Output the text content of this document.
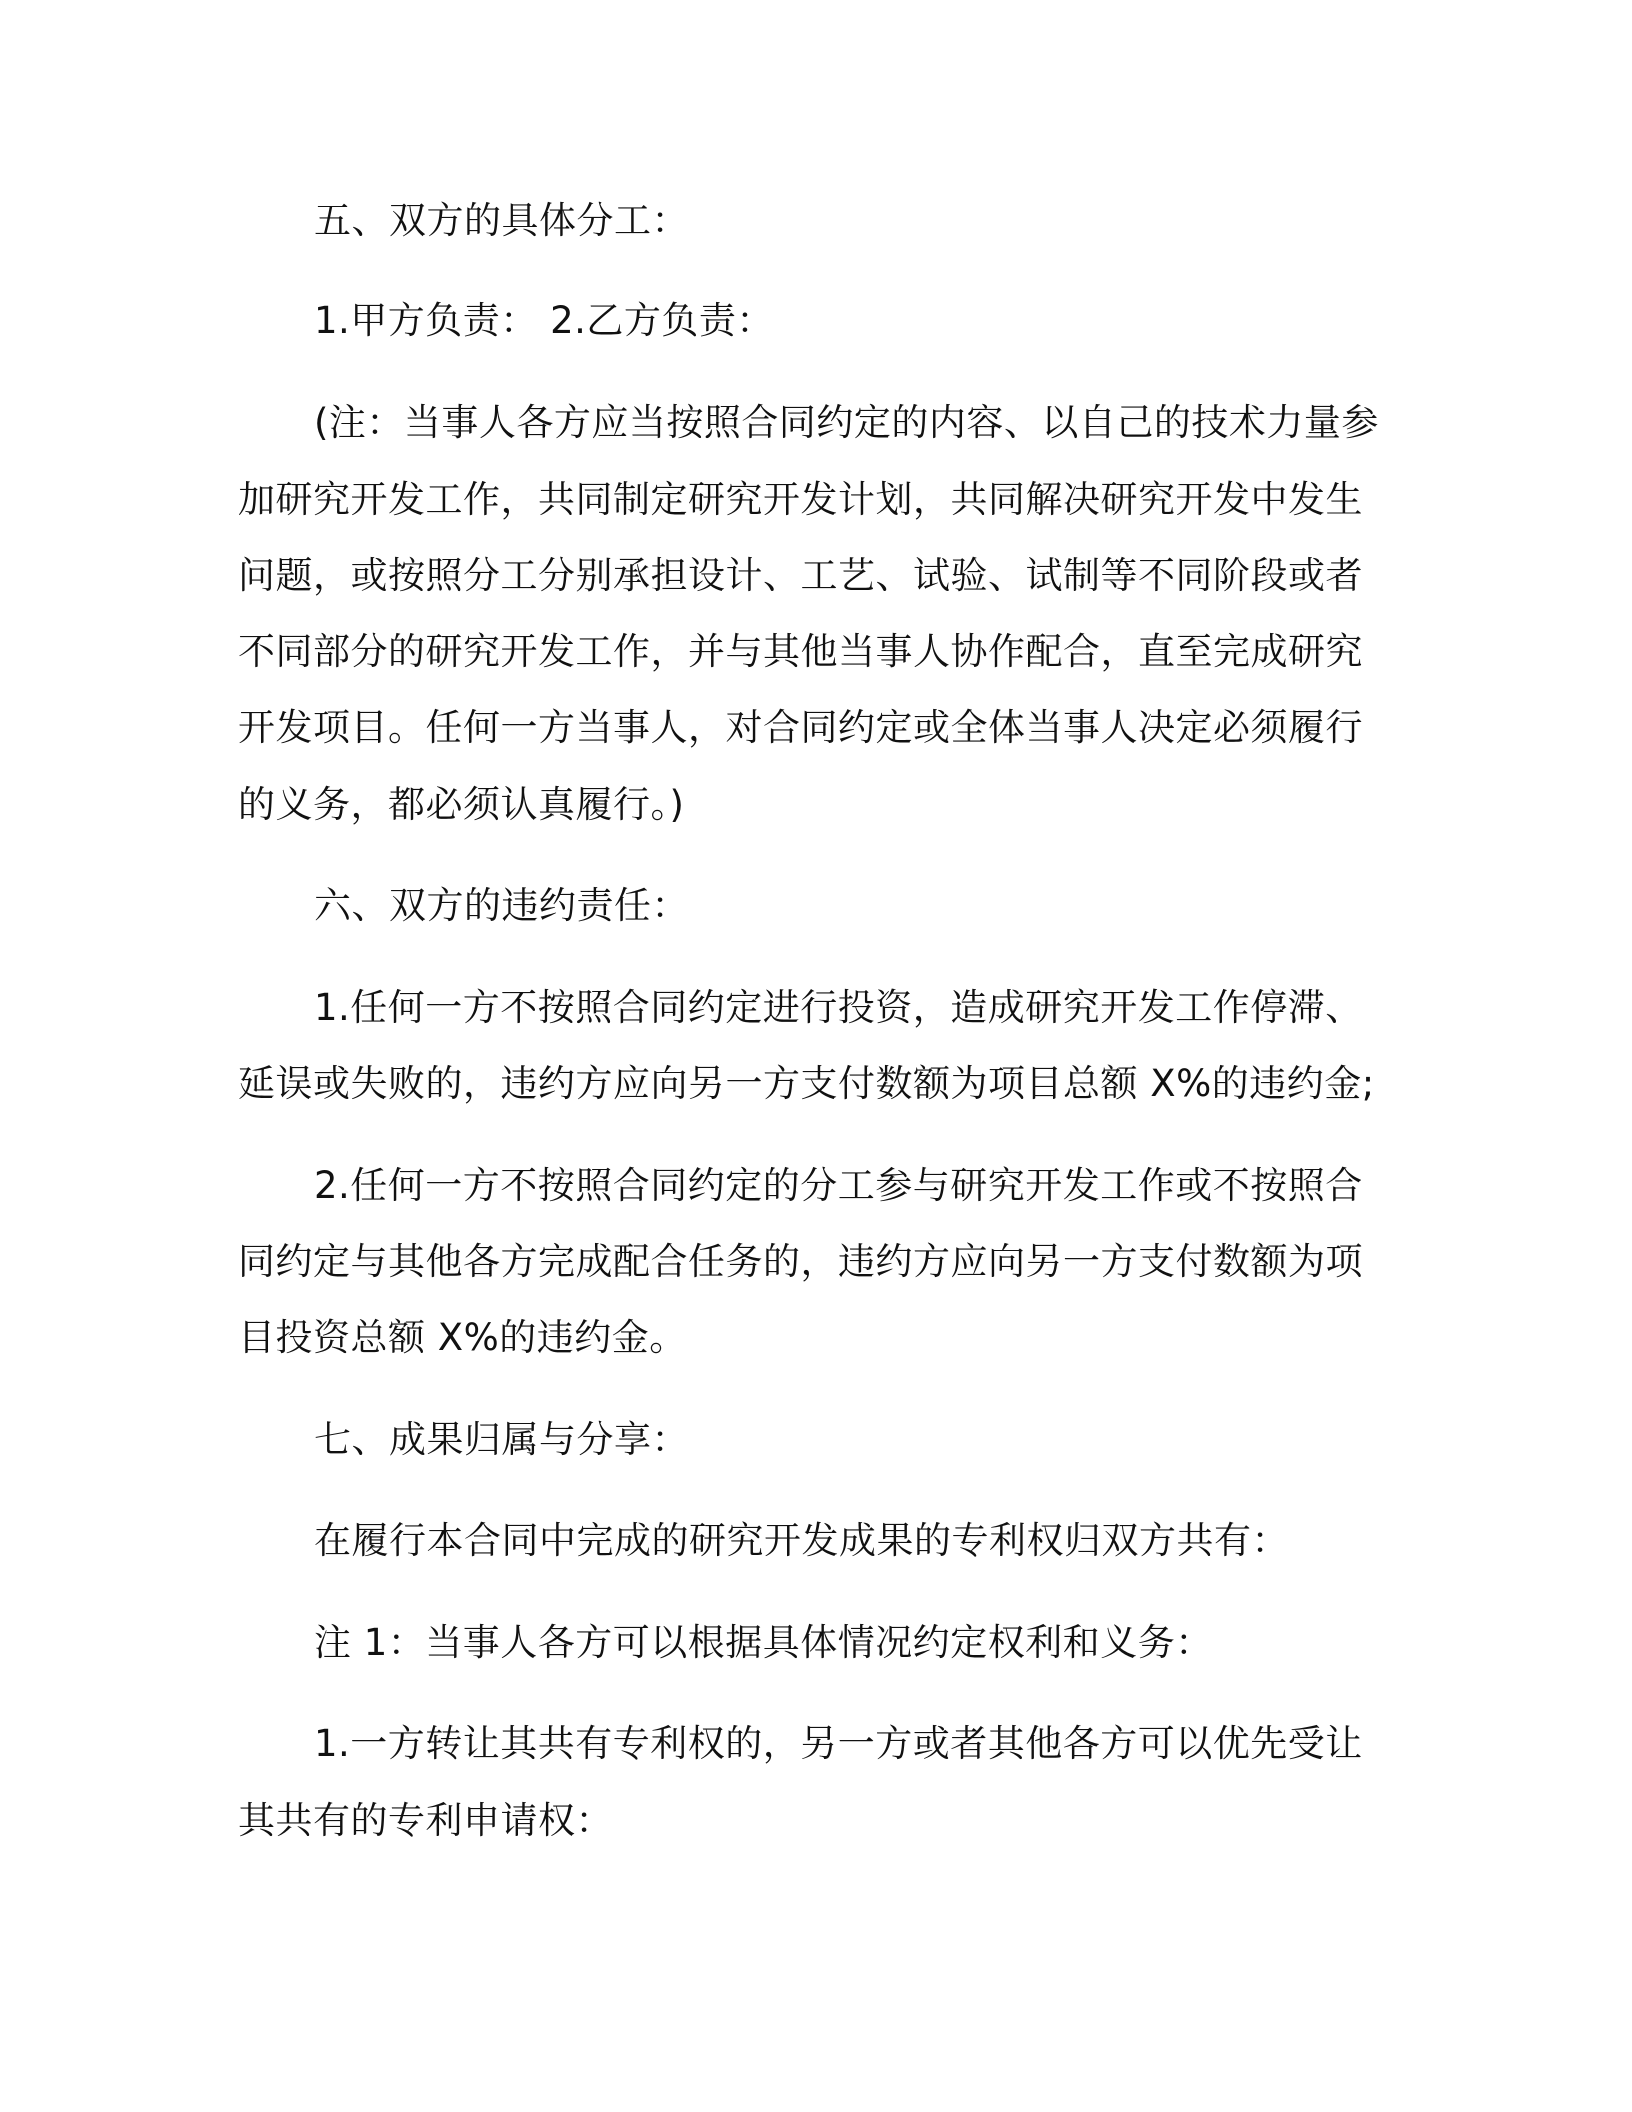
五、双方的具体分工：
1.甲方负责： 2.乙方负责：
(注：当事人各方应当按照合同约定的内容、以自己的技术力量参
加研究开发工作，共同制定研究开发计划，共同解决研究开发中发生
问题，或按照分工分别承担设计、工艺、试验、试制等不同阶段或者
不同部分的研究开发工作，并与其他当事人协作配合，直至完成研究
开发项目。任何一方当事人，对合同约定或全体当事人决定必须履行
的义务，都必须认真履行。)
六、双方的违约责任：
1.任何一方不按照合同约定进行投资，造成研究开发工作停滞、
延误或失败的，违约方应向另一方支付数额为项目总额 X%的违约金;
2.任何一方不按照合同约定的分工参与研究开发工作或不按照合
同约定与其他各方完成配合任务的，违约方应向另一方支付数额为项
目投资总额 X%的违约金。
七、成果归属与分享：
在履行本合同中完成的研究开发成果的专利权归双方共有：
注 1：当事人各方可以根据具体情况约定权利和义务：
1.一方转让其共有专利权的，另一方或者其他各方可以优先受让
其共有的专利申请权：
